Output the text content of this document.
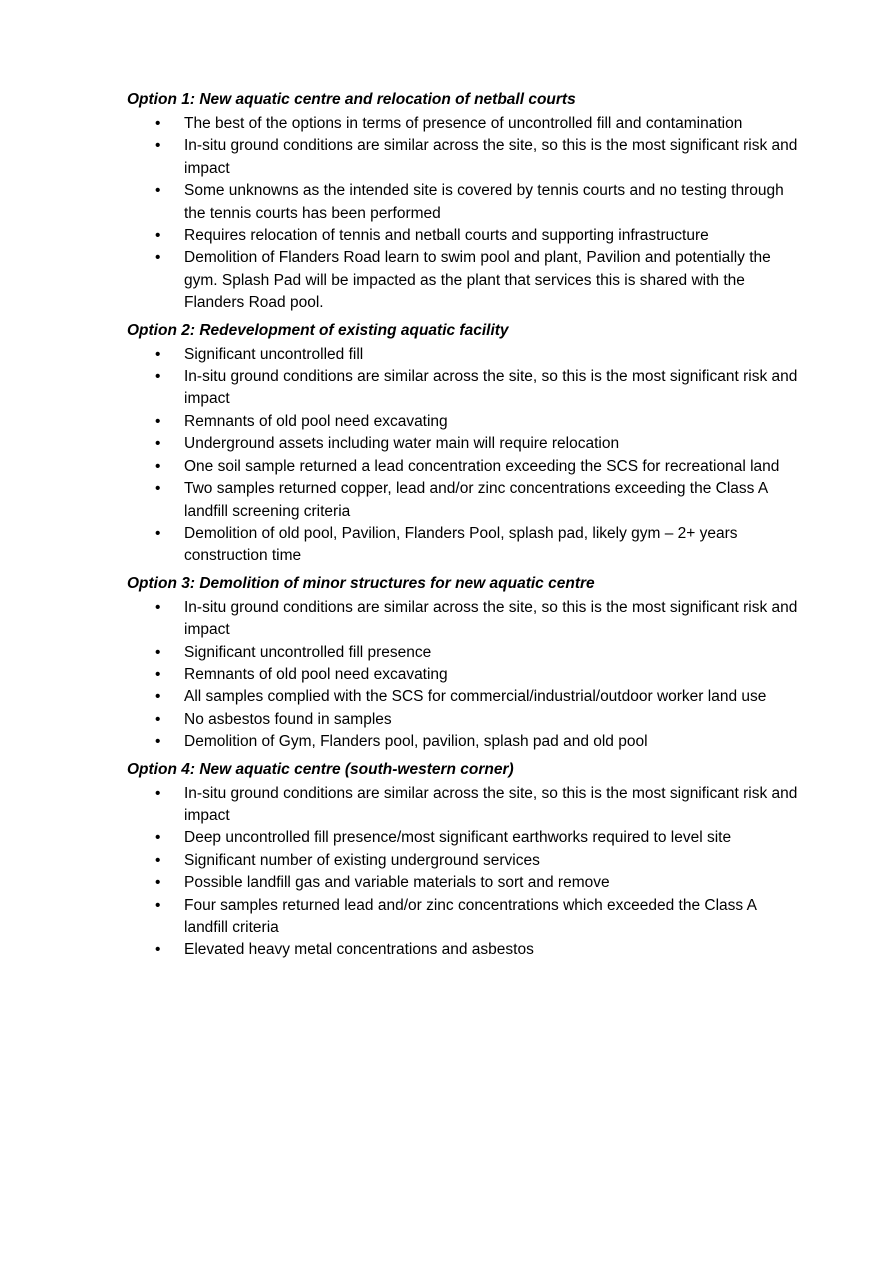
Option 1: New aquatic centre and relocation of netball courts

•	The best of the options in terms of presence of uncontrolled fill and contamination
•	In-situ ground conditions are similar across the site, so this is the most significant risk and impact
•	Some unknowns as the intended site is covered by tennis courts and no testing through the tennis courts has been performed
•	Requires relocation of tennis and netball courts and supporting infrastructure
•	Demolition of Flanders Road learn to swim pool and plant, Pavilion and potentially the gym. Splash Pad will be impacted as the plant that services this is shared with the Flanders Road pool.

Option 2: Redevelopment of existing aquatic facility

•	Significant uncontrolled fill
•	In-situ ground conditions are similar across the site, so this is the most significant risk and impact
•	Remnants of old pool need excavating
•	Underground assets including water main will require relocation
•	One soil sample returned a lead concentration exceeding the SCS for recreational land
•	Two samples returned copper, lead and/or zinc concentrations exceeding the Class A landfill screening criteria
•	Demolition of old pool, Pavilion, Flanders Pool, splash pad, likely gym – 2+ years construction time

Option 3: Demolition of minor structures for new aquatic centre

•	In-situ ground conditions are similar across the site, so this is the most significant risk and impact
•	Significant uncontrolled fill presence
•	Remnants of old pool need excavating
•	All samples complied with the SCS for commercial/industrial/outdoor worker land use
•	No asbestos found in samples
•	Demolition of Gym, Flanders pool, pavilion, splash pad and old pool

Option 4: New aquatic centre (south-western corner)

•	In-situ ground conditions are similar across the site, so this is the most significant risk and impact
•	Deep uncontrolled fill presence/most significant earthworks required to level site
•	Significant number of existing underground services
•	Possible landfill gas and variable materials to sort and remove
•	Four samples returned lead and/or zinc concentrations which exceeded the Class A landfill criteria
•	Elevated heavy metal concentrations and asbestos
